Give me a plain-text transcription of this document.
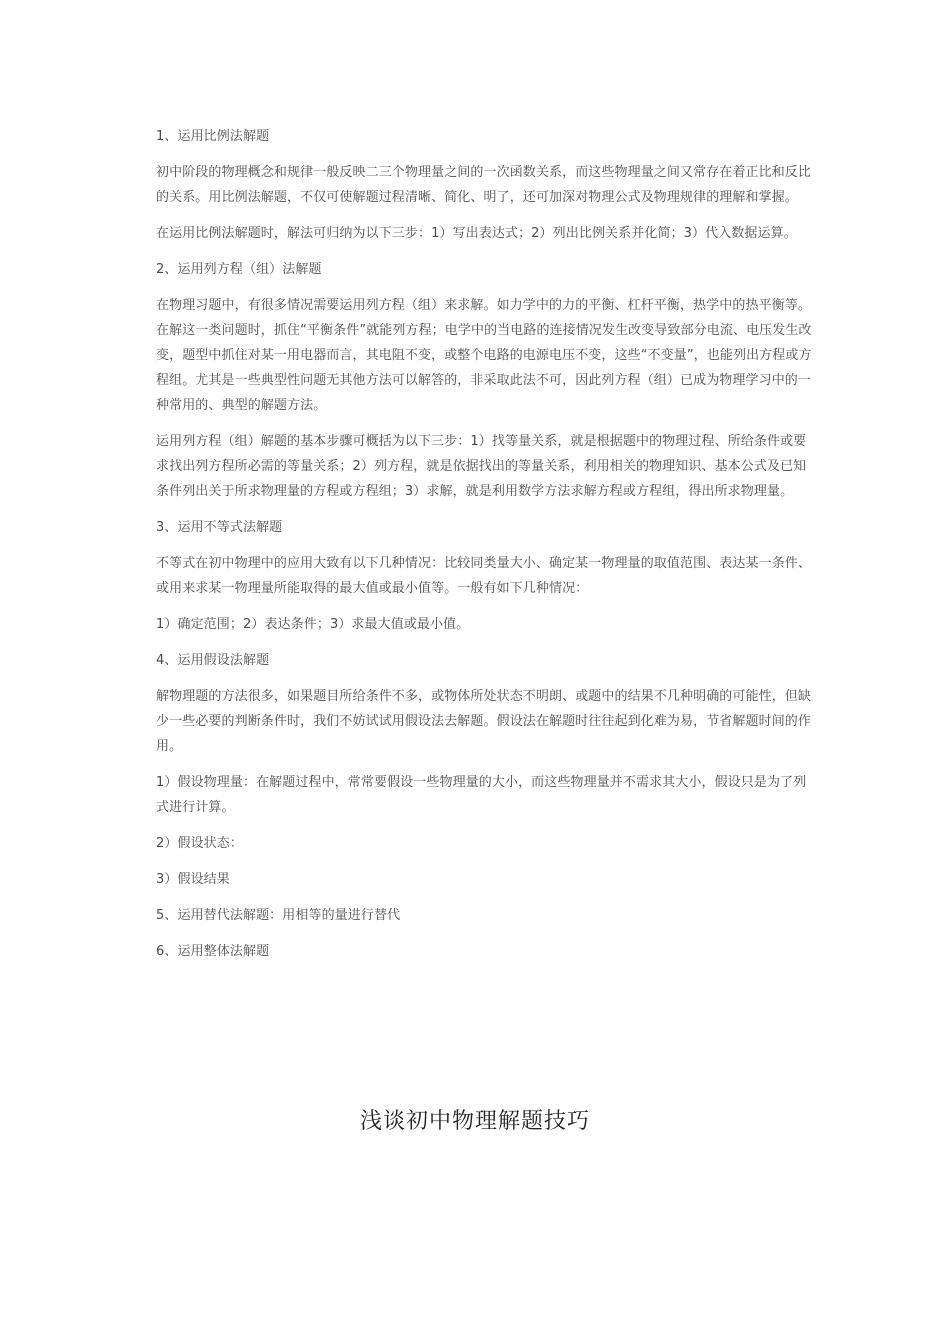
1、运用比例法解题

初中阶段的物理概念和规律一般反映二三个物理量之间的一次函数关系，而这些物理量之间又常存在着正比和反比的关系。用比例法解题，不仅可使解题过程清晰、简化、明了，还可加深对物理公式及物理规律的理解和掌握。

在运用比例法解题时，解法可归纳为以下三步：1）写出表达式；2）列出比例关系并化简；3）代入数据运算。

2、运用列方程（组）法解题

在物理习题中，有很多情况需要运用列方程（组）来求解。如力学中的力的平衡、杠杆平衡，热学中的热平衡等。在解这一类问题时，抓住“平衡条件”就能列方程；电学中的当电路的连接情况发生改变导致部分电流、电压发生改变，题型中抓住对某一用电器而言，其电阻不变，或整个电路的电源电压不变，这些“不变量”，也能列出方程或方程组。尤其是一些典型性问题无其他方法可以解答的，非采取此法不可，因此列方程（组）已成为物理学习中的一种常用的、典型的解题方法。

运用列方程（组）解题的基本步骤可概括为以下三步：1）找等量关系，就是根据题中的物理过程、所给条件或要求找出列方程所必需的等量关系；2）列方程，就是依据找出的等量关系，利用相关的物理知识、基本公式及已知条件列出关于所求物理量的方程或方程组；3）求解，就是利用数学方法求解方程或方程组，得出所求物理量。

3、运用不等式法解题

不等式在初中物理中的应用大致有以下几种情况：比较同类量大小、确定某一物理量的取值范围、表达某一条件、或用来求某一物理量所能取得的最大值或最小值等。一般有如下几种情况：

1）确定范围；2）表达条件；3）求最大值或最小值。

4、运用假设法解题

解物理题的方法很多，如果题目所给条件不多，或物体所处状态不明朗、或题中的结果不几种明确的可能性，但缺少一些必要的判断条件时，我们不妨试试用假设法去解题。假设法在解题时往往起到化难为易，节省解题时间的作用。

1）假设物理量：在解题过程中，常常要假设一些物理量的大小，而这些物理量并不需求其大小，假设只是为了列式进行计算。

2）假设状态：

3）假设结果

5、运用替代法解题：用相等的量进行替代

6、运用整体法解题

浅谈初中物理解题技巧
